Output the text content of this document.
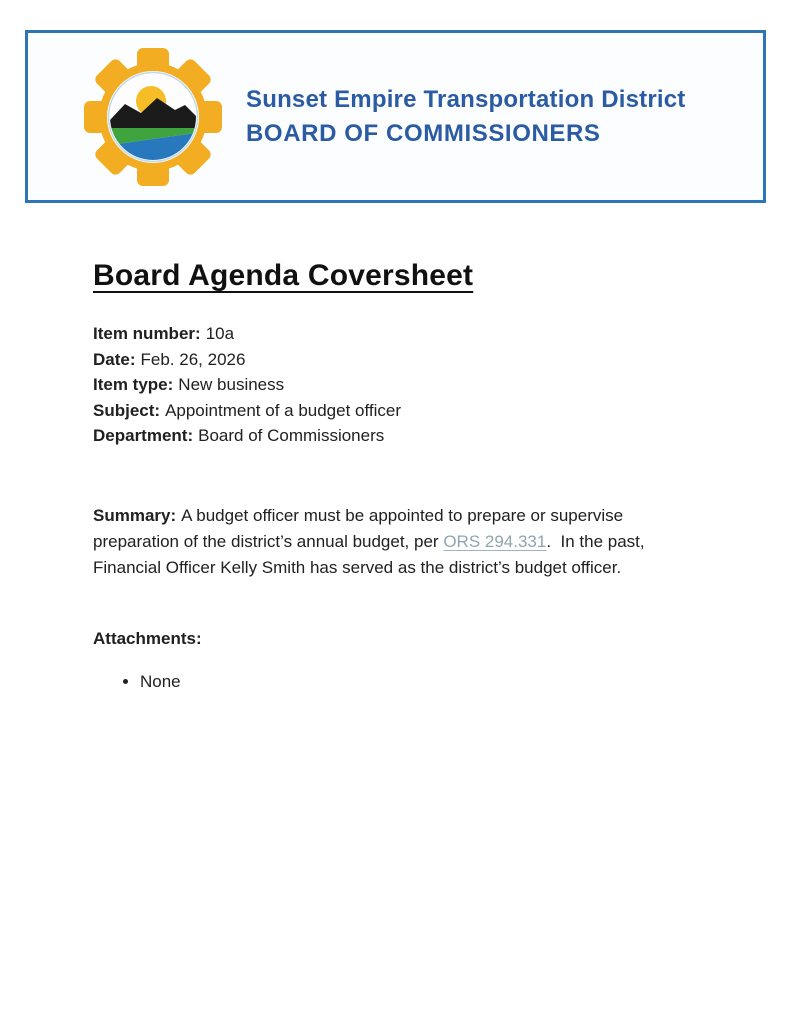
Sunset Empire Transportation District
BOARD OF COMMISSIONERS
Board Agenda Coversheet
Item number: 10a
Date: Feb. 26, 2026
Item type: New business
Subject: Appointment of a budget officer
Department: Board of Commissioners

Summary: A budget officer must be appointed to prepare or supervise preparation of the district’s annual budget, per ORS 294.331.  In the past, Financial Officer Kelly Smith has served as the district’s budget officer.

Attachments:
• None
